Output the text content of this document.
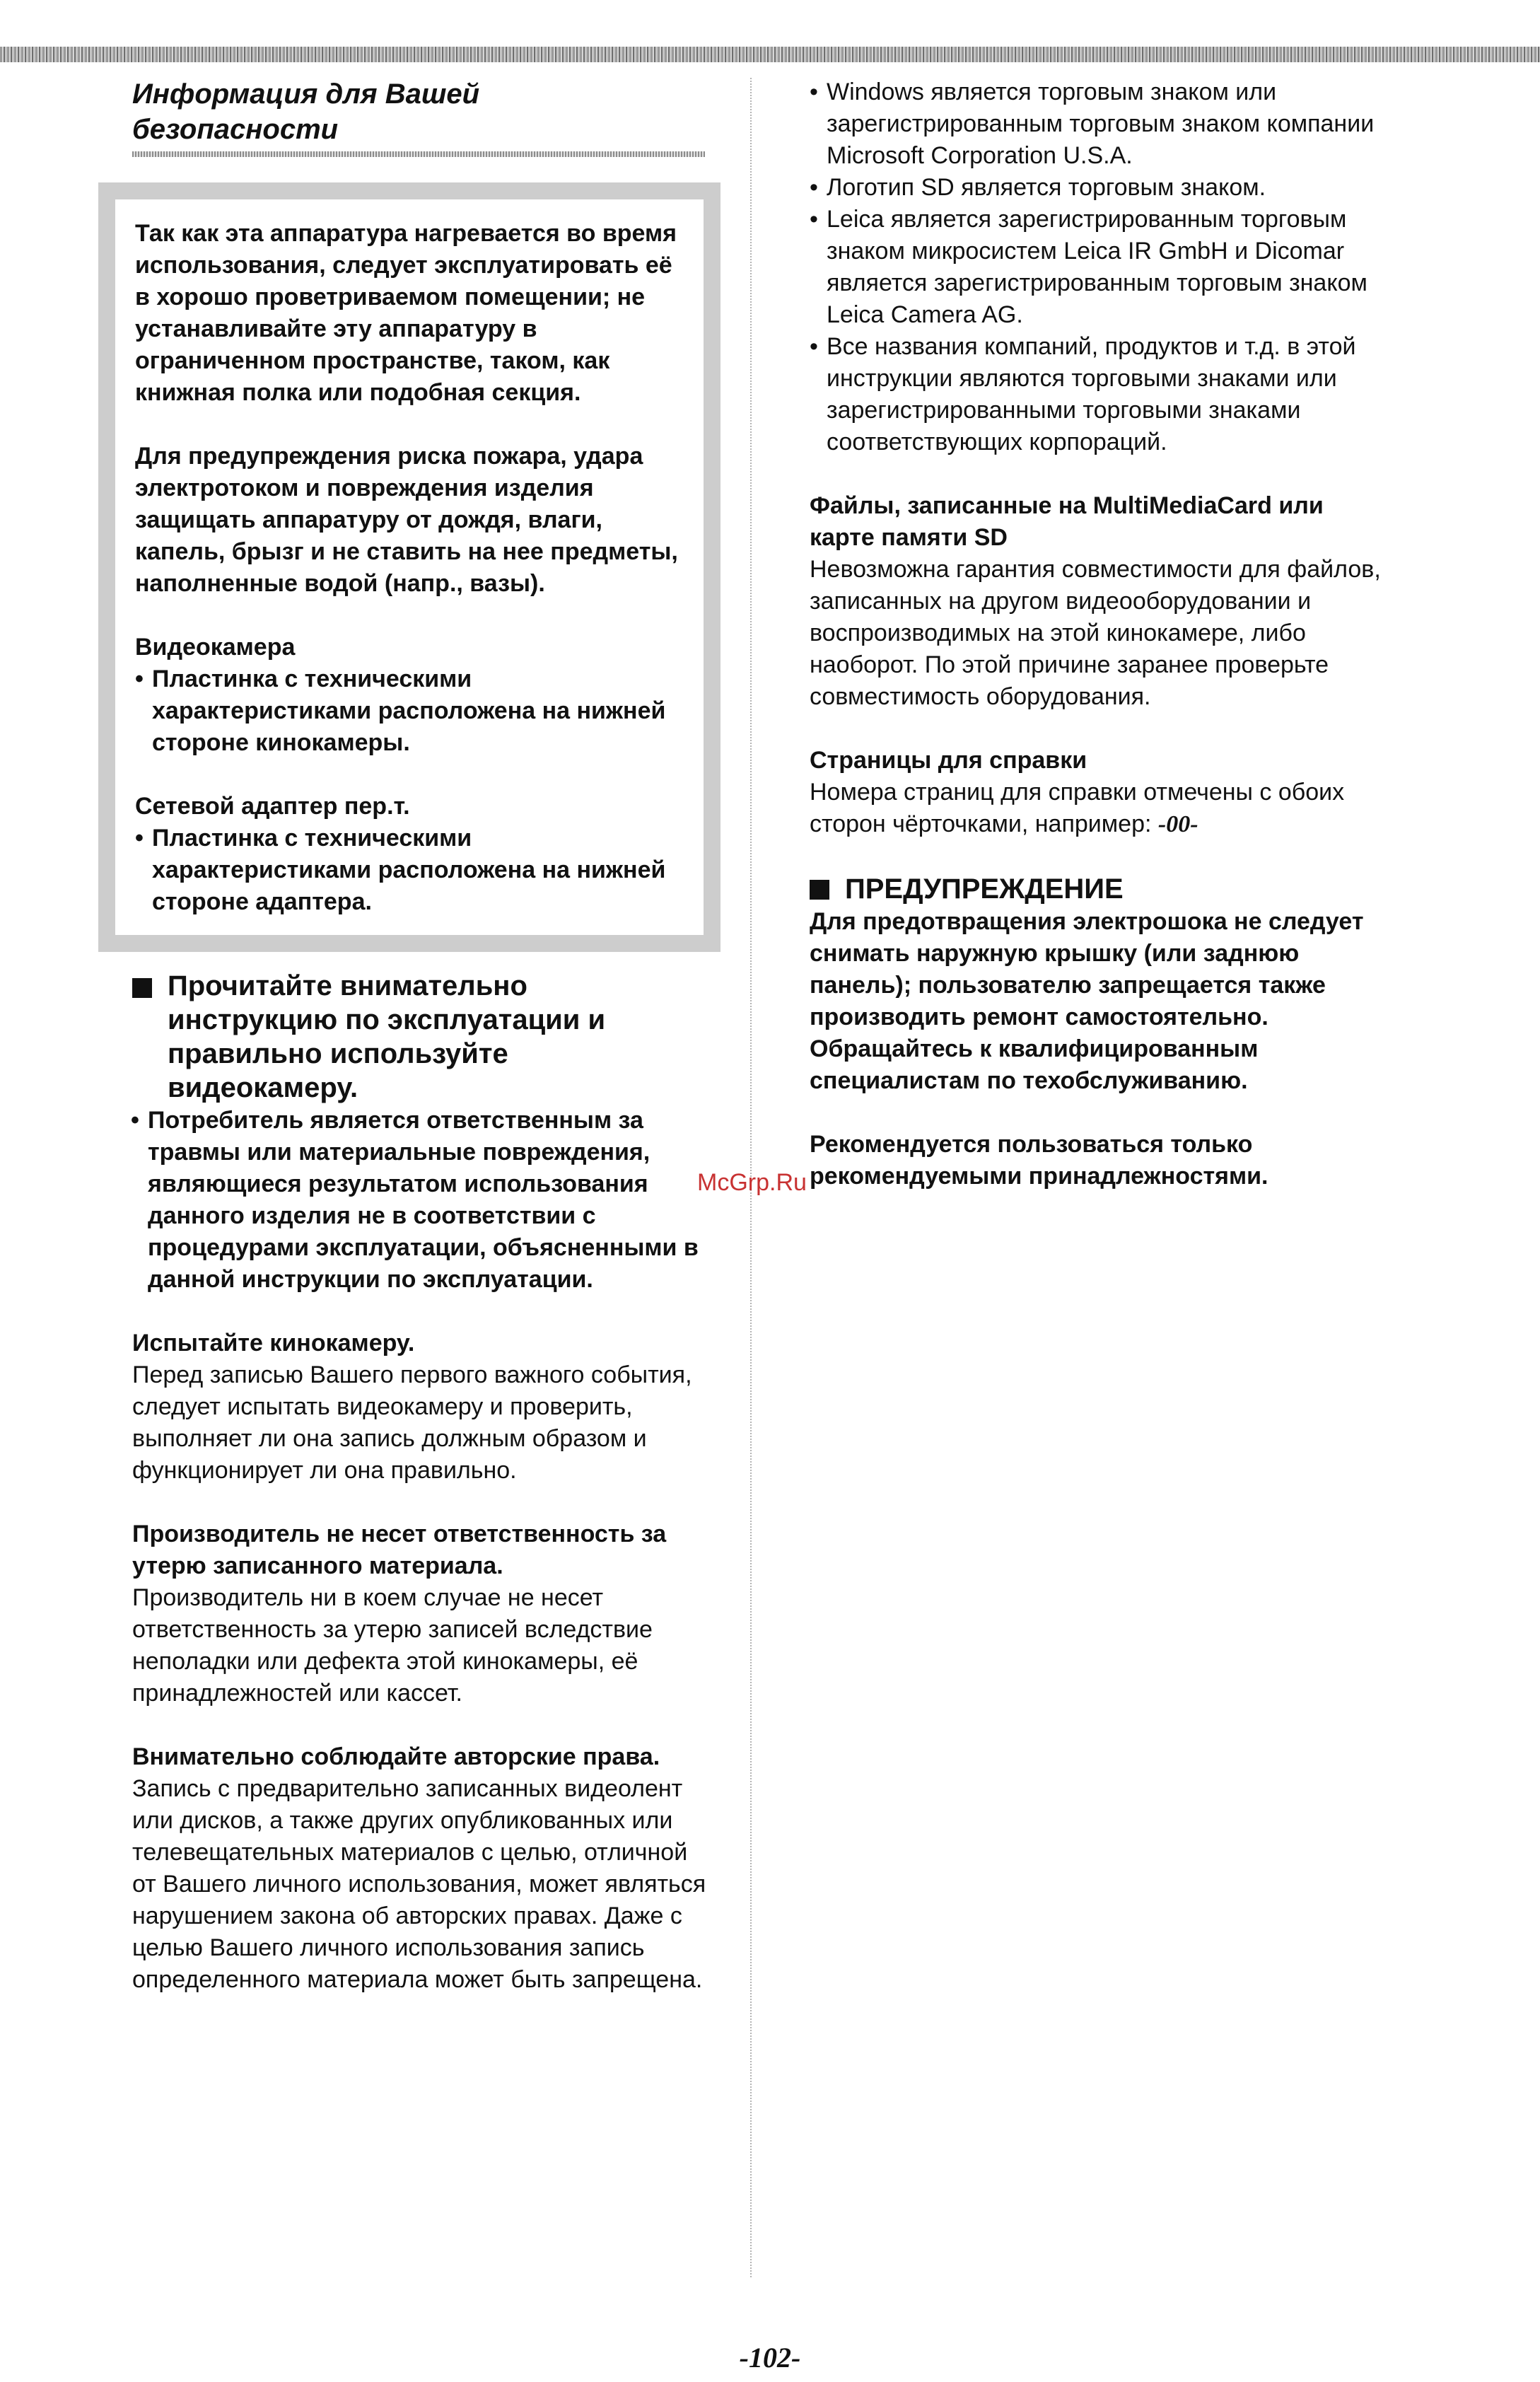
Информация для Вашей
безопасности

Так как эта аппаратура нагревается во время использования, следует эксплуатировать её в хорошо проветриваемом помещении; не устанавливайте эту аппаратуру в ограниченном пространстве, таком, как книжная полка или подобная секция.

Для предупреждения риска пожара, удара электротоком и повреждения изделия защищать аппаратуру от дождя, влаги, капель, брызг и не ставить на нее предметы, наполненные водой (напр., вазы).

Видеокамера

• Пластинка с техническими характеристиками расположена на нижней стороне кинокамеры.

Сетевой адаптер пер.т.

• Пластинка с техническими характеристиками расположена на нижней стороне адаптера.

Прочитайте внимательно
инструкцию по эксплуатации и
правильно используйте
видеокамеру.

• Потребитель является ответственным за травмы или материальные повреждения, являющиеся результатом использования данного изделия не в соответствии с процедурами эксплуатации, объясненными в данной инструкции по эксплуатации.

Испытайте кинокамеру.

Перед записью Вашего первого важного события, следует испытать видеокамеру и проверить, выполняет ли она запись должным образом и функционирует ли она правильно.

Производитель не несет ответственность за утерю записанного материала.

Производитель ни в коем случае не несет ответственность за утерю записей вследствие неполадки или дефекта этой кинокамеры, её принадлежностей или кассет.

Внимательно соблюдайте авторские права.

Запись с предварительно записанных видеолент или дисков, а также других опубликованных или телевещательных материалов с целью, отличной от Вашего личного использования, может являться нарушением закона об авторских правах. Даже с целью Вашего личного использования запись определенного материала может быть запрещена.

• Windows является торговым знаком или зарегистрированным торговым знаком компании Microsoft Corporation U.S.A.
• Логотип SD является торговым знаком.
• Leica является зарегистрированным торговым знаком микросистем Leica IR GmbH и Dicomar является зарегистрированным торговым знаком Leica Camera AG.
• Все названия компаний, продуктов и т.д. в этой инструкции являются торговыми знаками или зарегистрированными торговыми знаками соответствующих корпораций.

Файлы, записанные на MultiMediaCard или карте памяти SD

Невозможна гарантия совместимости для файлов, записанных на другом видеооборудовании и воспроизводимых на этой кинокамере, либо наоборот. По этой причине заранее проверьте совместимость оборудования.

Страницы для справки

Номера страниц для справки отмечены с обоих сторон чёрточками, например: -00-

ПРЕДУПРЕЖДЕНИЕ

Для предотвращения электрошока не следует снимать наружную крышку (или заднюю панель); пользователю запрещается также производить ремонт самостоятельно.

Обращайтесь к квалифицированным специалистам по техобслуживанию.

Рекомендуется пользоваться только рекомендуемыми принадлежностями.

McGrp.Ru
-102-
